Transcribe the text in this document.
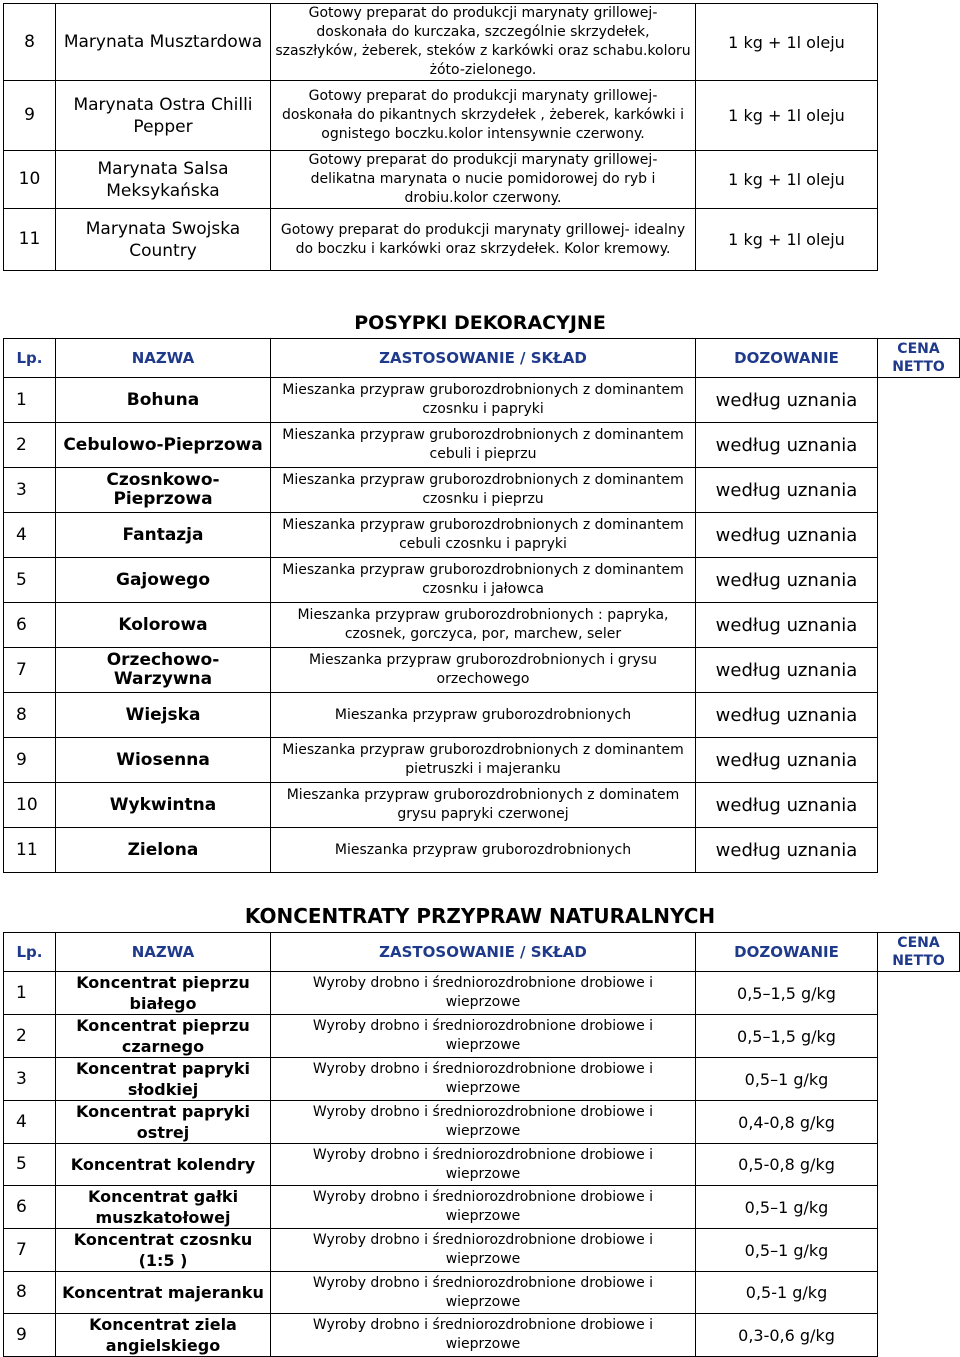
8	Marynata Musztardowa	Gotowy preparat do produkcji marynaty grillowej- doskonała do kurczaka, szczególnie skrzydełek, szaszłyków, żeberek, steków z karkówki oraz schabu.koloru żóto-zielonego.	1 kg + 1l oleju
9	Marynata Ostra Chilli Pepper	Gotowy preparat do produkcji marynaty grillowej- doskonała do pikantnych skrzydełek , żeberek, karkówki i ognistego boczku.kolor intensywnie czerwony.	1 kg + 1l oleju
10	Marynata Salsa Meksykańska	Gotowy preparat do produkcji marynaty grillowej- delikatna marynata o nucie pomidorowej do ryb i drobiu.kolor czerwony.	1 kg + 1l oleju
11	Marynata Swojska Country	Gotowy preparat do produkcji marynaty grillowej- idealny do boczku i karkówki oraz skrzydełek. Kolor kremowy.	1 kg + 1l oleju
POSYPKI DEKORACYJNE
Lp.	NAZWA	ZASTOSOWANIE / SKŁAD	DOZOWANIE	CENA NETTO
1	Bohuna	Mieszanka przypraw gruborozdrobnionych z dominantem czosnku i papryki	według uznania	
2	Cebulowo-Pieprzowa	Mieszanka przypraw gruborozdrobnionych z dominantem cebuli i pieprzu	według uznania	
3	Czosnkowo-Pieprzowa	Mieszanka przypraw gruborozdrobnionych z dominantem czosnku i pieprzu	według uznania	
4	Fantazja	Mieszanka przypraw gruborozdrobnionych z dominantem cebuli czosnku i papryki	według uznania	
5	Gajowego	Mieszanka przypraw gruborozdrobnionych z dominantem czosnku i jałowca	według uznania	
6	Kolorowa	Mieszanka przypraw gruborozdrobnionych : papryka, czosnek, gorczyca, por, marchew, seler	według uznania	
7	Orzechowo-Warzywna	Mieszanka przypraw gruborozdrobnionych i grysu orzechowego	według uznania	
8	Wiejska	Mieszanka przypraw gruborozdrobnionych	według uznania	
9	Wiosenna	Mieszanka przypraw gruborozdrobnionych z dominantem pietruszki i majeranku	według uznania	
10	Wykwintna	Mieszanka przypraw gruborozdrobnionych z dominatem grysu papryki czerwonej	według uznania	
11	Zielona	Mieszanka przypraw gruborozdrobnionych	według uznania	
KONCENTRATY PRZYPRAW NATURALNYCH
Lp.	NAZWA	ZASTOSOWANIE / SKŁAD	DOZOWANIE	CENA NETTO
1	Koncentrat pieprzu białego	Wyroby drobno i średniorozdrobnione drobiowe i wieprzowe	0,5–1,5 g/kg	
2	Koncentrat pieprzu czarnego	Wyroby drobno i średniorozdrobnione drobiowe i wieprzowe	0,5–1,5 g/kg	
3	Koncentrat papryki słodkiej	Wyroby drobno i średniorozdrobnione drobiowe i wieprzowe	0,5–1 g/kg	
4	Koncentrat papryki ostrej	Wyroby drobno i średniorozdrobnione drobiowe i wieprzowe	0,4-0,8 g/kg	
5	Koncentrat kolendry	Wyroby drobno i średniorozdrobnione drobiowe i wieprzowe	0,5-0,8 g/kg	
6	Koncentrat gałki muszkatołowej	Wyroby drobno i średniorozdrobnione drobiowe i wieprzowe	0,5–1 g/kg	
7	Koncentrat czosnku (1:5 )	Wyroby drobno i średniorozdrobnione drobiowe i wieprzowe	0,5–1 g/kg	
8	Koncentrat majeranku	Wyroby drobno i średniorozdrobnione drobiowe i wieprzowe	0,5-1 g/kg	
9	Koncentrat ziela angielskiego	Wyroby drobno i średniorozdrobnione drobiowe i wieprzowe	0,3-0,6 g/kg	
